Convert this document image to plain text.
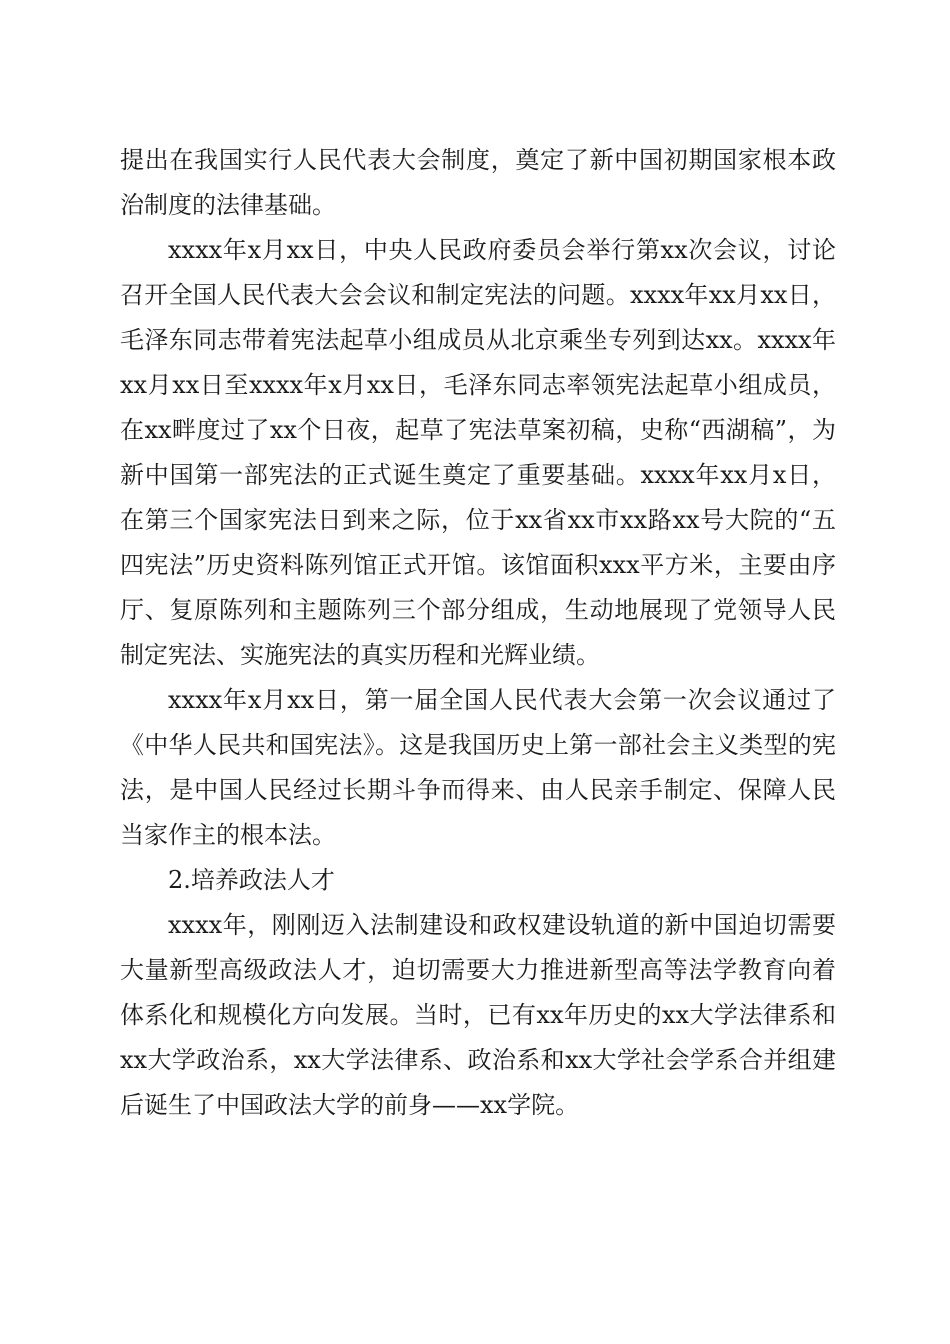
提出在我国实行人民代表大会制度，奠定了新中国初期国家根本政治制度的法律基础。

xxxx年x月xx日，中央人民政府委员会举行第xx次会议，讨论召开全国人民代表大会会议和制定宪法的问题。xxxx年xx月xx日，毛泽东同志带着宪法起草小组成员从北京乘坐专列到达xx。xxxx年xx月xx日至xxxx年x月xx日，毛泽东同志率领宪法起草小组成员，在xx畔度过了xx个日夜，起草了宪法草案初稿，史称“西湖稿”，为新中国第一部宪法的正式诞生奠定了重要基础。xxxx年xx月x日，在第三个国家宪法日到来之际，位于xx省xx市xx路xx号大院的“五四宪法”历史资料陈列馆正式开馆。该馆面积xxx平方米，主要由序厅、复原陈列和主题陈列三个部分组成，生动地展现了党领导人民制定宪法、实施宪法的真实历程和光辉业绩。

xxxx年x月xx日，第一届全国人民代表大会第一次会议通过了《中华人民共和国宪法》。这是我国历史上第一部社会主义类型的宪法，是中国人民经过长期斗争而得来、由人民亲手制定、保障人民当家作主的根本法。

2.培养政法人才

xxxx年，刚刚迈入法制建设和政权建设轨道的新中国迫切需要大量新型高级政法人才，迫切需要大力推进新型高等法学教育向着体系化和规模化方向发展。当时，已有xx年历史的xx大学法律系和xx大学政治系，xx大学法律系、政治系和xx大学社会学系合并组建后诞生了中国政法大学的前身——xx学院。
